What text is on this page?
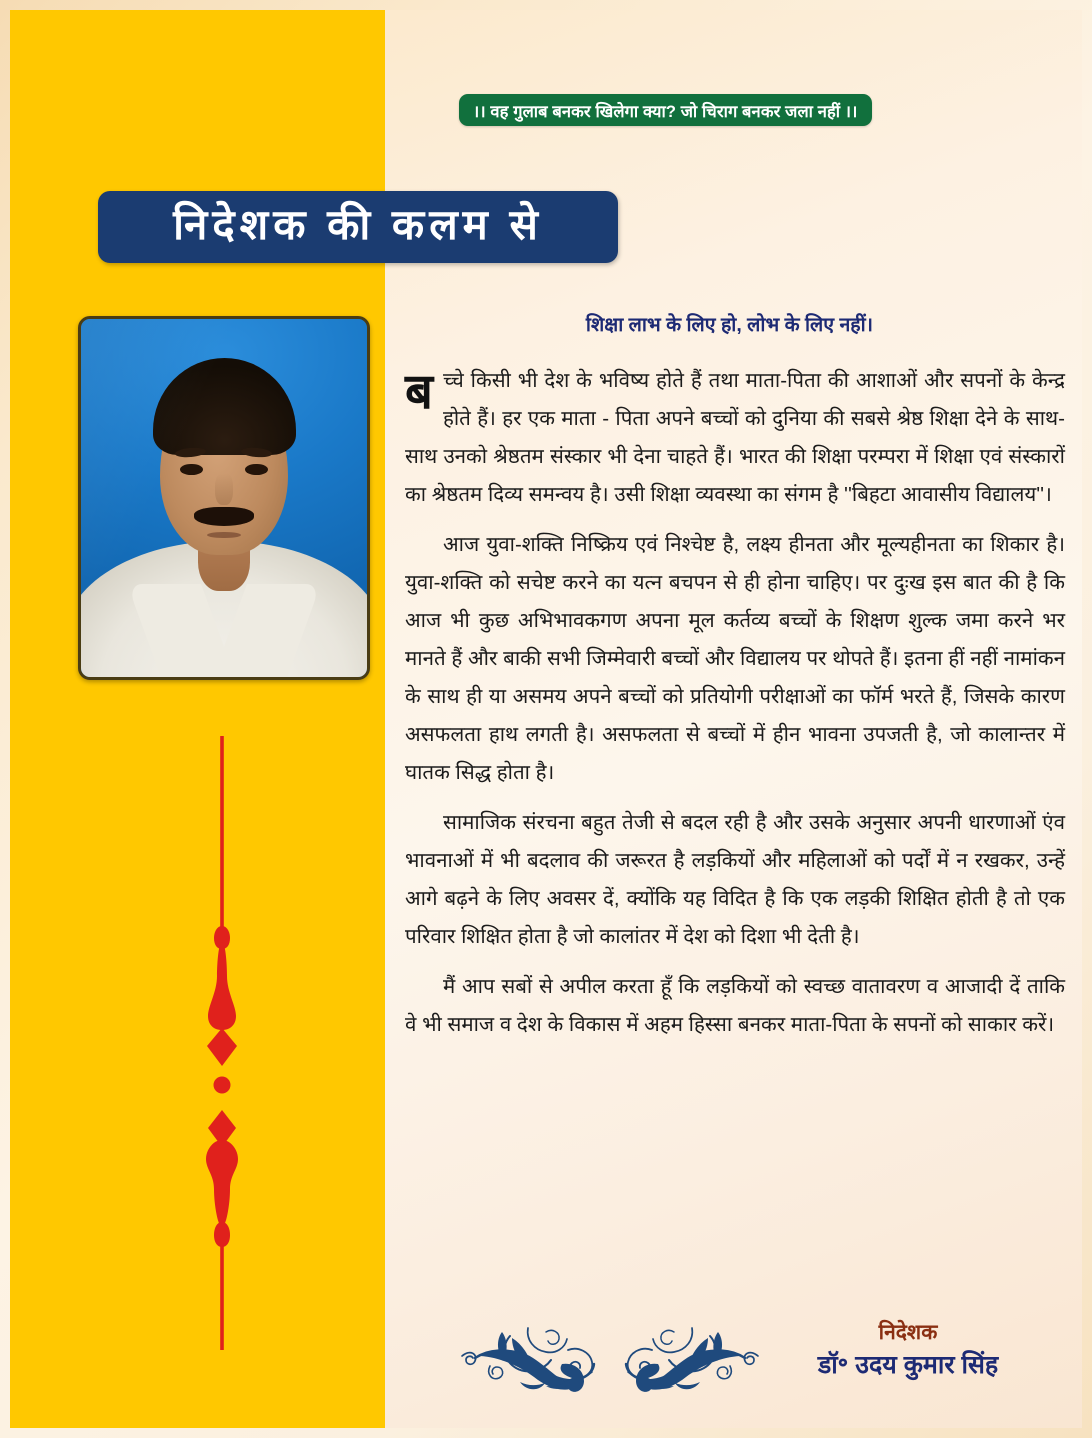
।। वह गुलाब बनकर खिलेगा क्या? जो चिराग बनकर जला नहीं ।।
निदेशक की कलम से
शिक्षा लाभ के लिए हो, लोभ के लिए नहीं।

बच्चे किसी भी देश के भविष्य होते हैं तथा माता-पिता की आशाओं और सपनों के केन्द्र होते हैं। हर एक माता - पिता अपने बच्चों को दुनिया की सबसे श्रेष्ठ शिक्षा देने के साथ-साथ उनको श्रेष्ठतम संस्कार भी देना चाहते हैं। भारत की शिक्षा परम्परा में शिक्षा एवं संस्कारों का श्रेष्ठतम दिव्य समन्वय है। उसी शिक्षा व्यवस्था का संगम है ''बिहटा आवासीय विद्यालय''।

आज युवा-शक्ति निष्क्रिय एवं निश्चेष्ट है, लक्ष्य हीनता और मूल्यहीनता का शिकार है। युवा-शक्ति को सचेष्ट करने का यत्न बचपन से ही होना चाहिए। पर दुःख इस बात की है कि आज भी कुछ अभिभावकगण अपना मूल कर्तव्य बच्चों के शिक्षण शुल्क जमा करने भर मानते हैं और बाकी सभी जिम्मेवारी बच्चों और विद्यालय पर थोपते हैं। इतना हीं नहीं नामांकन के साथ ही या असमय अपने बच्चों को प्रतियोगी परीक्षाओं का फॉर्म भरते हैं, जिसके कारण असफलता हाथ लगती है। असफलता से बच्चों में हीन भावना उपजती है, जो कालान्तर में घातक सिद्ध होता है।

सामाजिक संरचना बहुत तेजी से बदल रही है और उसके अनुसार अपनी धारणाओं एंव भावनाओं में भी बदलाव की जरूरत है लड़कियों और महिलाओं को पर्दों में न रखकर, उन्हें आगे बढ़ने के लिए अवसर दें, क्योंकि यह विदित है कि एक लड़की शिक्षित होती है तो एक परिवार शिक्षित होता है जो कालांतर में देश को दिशा भी देती है।

मैं आप सबों से अपील करता हूँ कि लड़कियों को स्वच्छ वातावरण व आजादी दें ताकि वे भी समाज व देश के विकास में अहम हिस्सा बनकर माता-पिता के सपनों को साकार करें।

निदेशक
डॉ॰ उदय कुमार सिंह
